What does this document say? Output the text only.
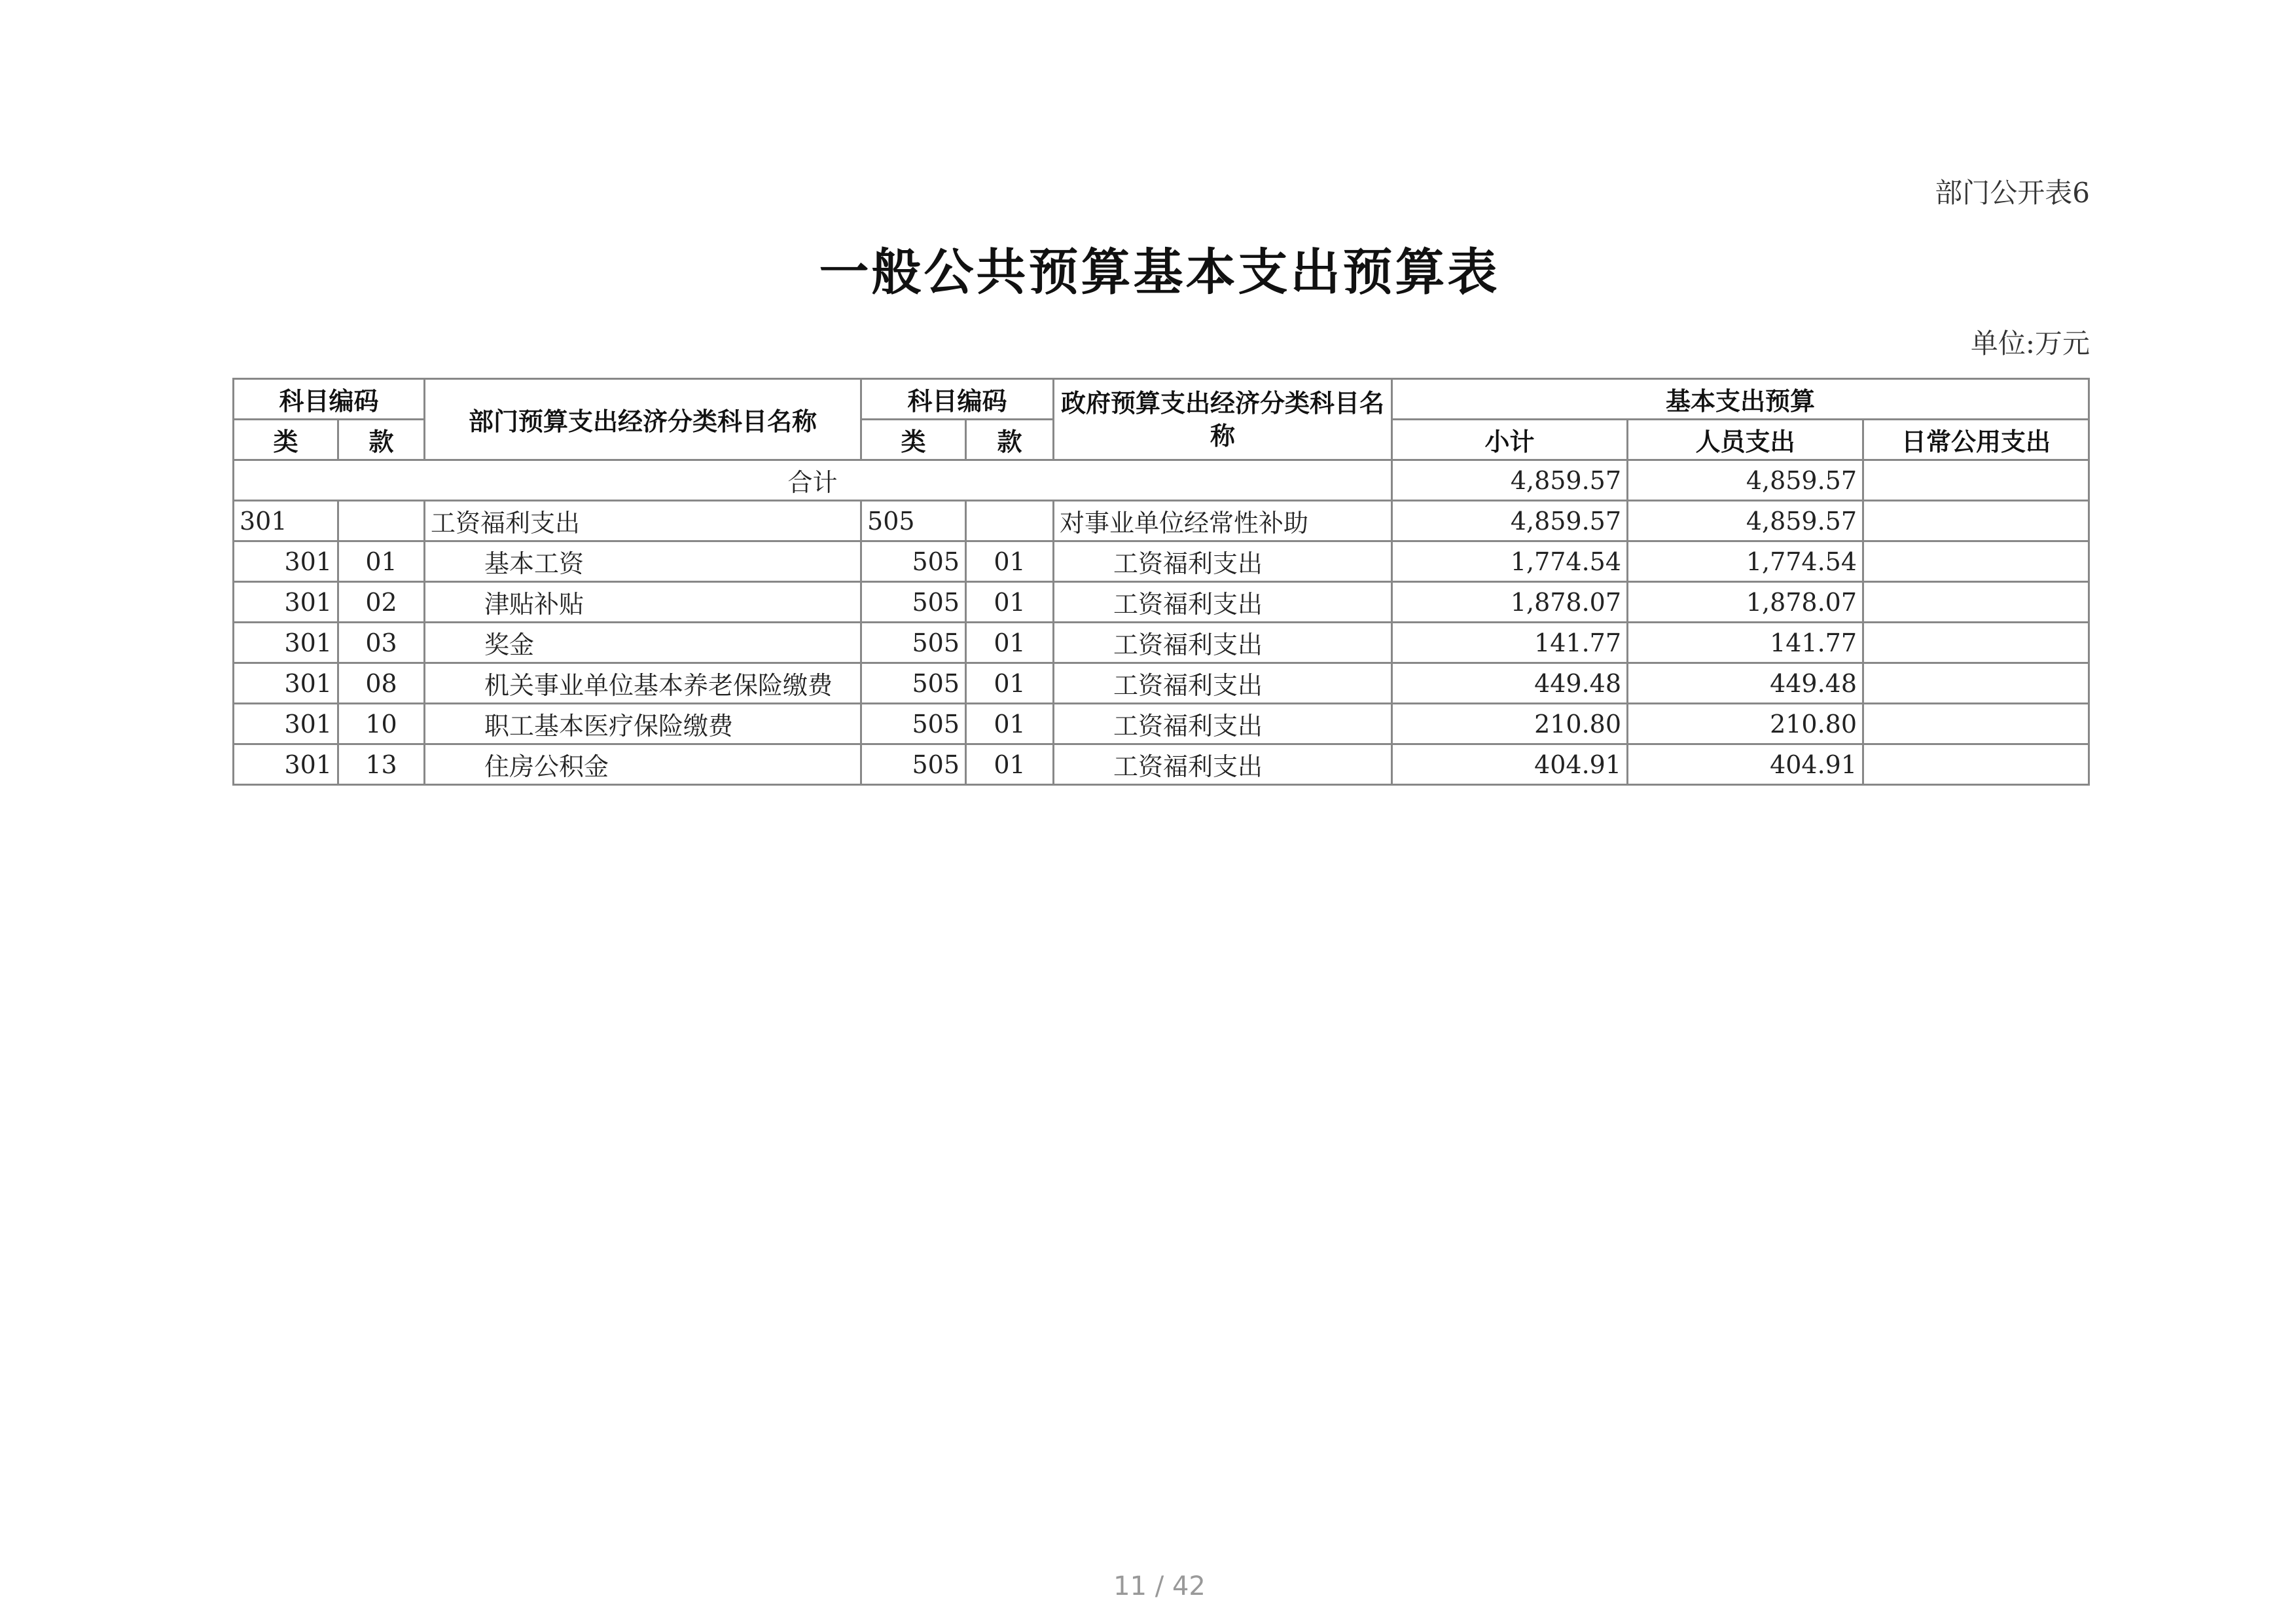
部门公开表6
一般公共预算基本支出预算表
单位:万元
科目编码		部门预算支出经济分类科目名称	科目编码		政府预算支出经济分类科目名称	基本支出预算		
类	款		类	款		小计	人员支出	日常公用支出
合计						4,859.57	4,859.57	
301		工资福利支出	505		对事业单位经常性补助	4,859.57	4,859.57	
301	01	基本工资	505	01	工资福利支出	1,774.54	1,774.54	
301	02	津贴补贴	505	01	工资福利支出	1,878.07	1,878.07	
301	03	奖金	505	01	工资福利支出	141.77	141.77	
301	08	机关事业单位基本养老保险缴费	505	01	工资福利支出	449.48	449.48	
301	10	职工基本医疗保险缴费	505	01	工资福利支出	210.80	210.80	
301	13	住房公积金	505	01	工资福利支出	404.91	404.91	
11 / 42
